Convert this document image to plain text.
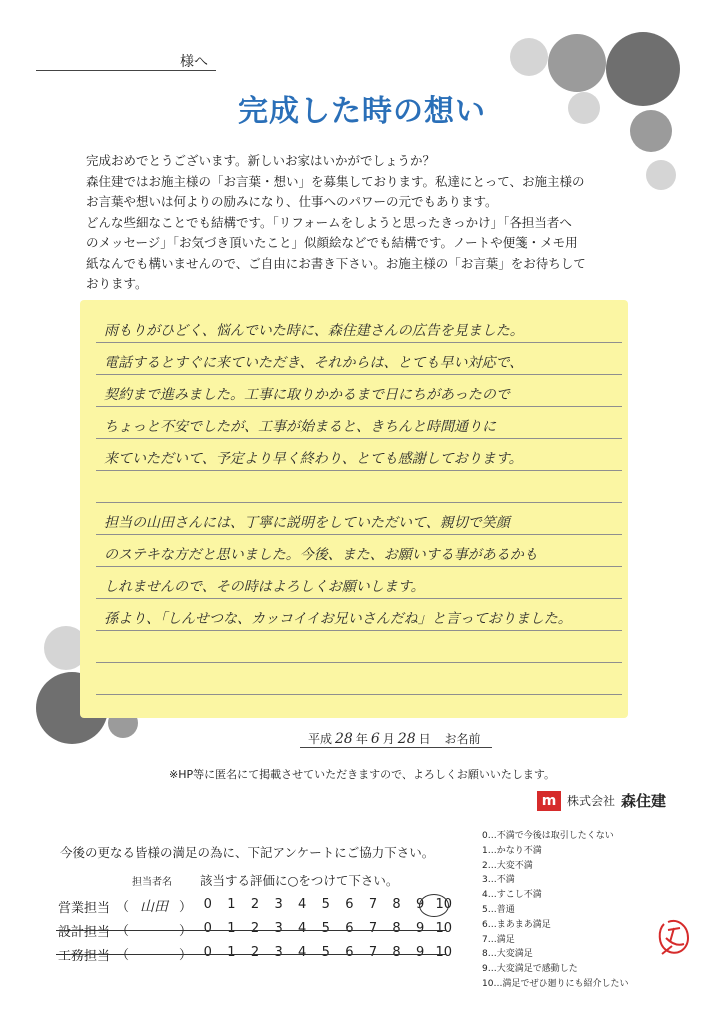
様へ
完成した時の想い
完成おめでとうございます。新しいお家はいかがでしょうか？
森住建ではお施主様の「お言葉・想い」を募集しております。私達にとって、お施主様の
お言葉や想いは何よりの励みになり、仕事へのパワーの元でもあります。
どんな些細なことでも結構です。「リフォームをしようと思ったきっかけ」「各担当者へ
のメッセージ」「お気づき頂いたこと」似顔絵などでも結構です。ノートや便箋・メモ用
紙なんでも構いませんので、ご自由にお書き下さい。お施主様の「お言葉」をお待ちして
おります。
雨もりがひどく、悩んでいた時に、森住建さんの広告を見ました。
電話するとすぐに来ていただき、それからは、とても早い対応で、
契約まで進みました。工事に取りかかるまで日にちがあったので
ちょっと不安でしたが、工事が始まると、きちんと時間通りに
来ていただいて、予定より早く終わり、とても感謝しております。
担当の山田さんには、丁寧に説明をしていただいて、親切で笑顔
のステキな方だと思いました。今後、また、お願いする事があるかも
しれませんので、その時はよろしくお願いします。
孫より、「しんせつな、カッコイイお兄いさんだね」と言っておりました。
平成 28 年 6 月 28 日 お名前
※HP等に匿名にて掲載させていただきますので、よろしくお願いいたします。
m 株式会社 森住建
今後の更なる皆様の満足の為に、下記アンケートにご協力下さい。
担当者名 該当する評価に○をつけて下さい。
営業担当 （ 山田 ） 0	1	2	3	4	5	6	7	8	9 10
設計担当 （	） 0	1	2	3	4	5	6	7	8	9 10
工務担当 （	） 0	1	2	3	4	5	6	7	8	9 10
0…不満で今後は取引したくない
1…かなり不満
2…大変不満
3…不満
4…すこし不満
5…普通
6…まあまあ満足
7…満足
8…大変満足
9…大変満足で感動した
10…満足でぜひ廻りにも紹介したい
